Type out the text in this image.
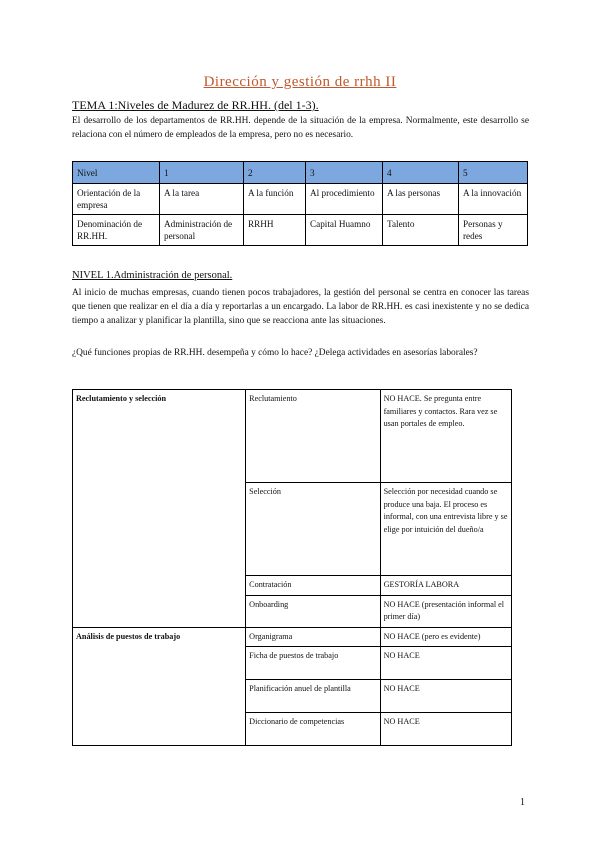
Dirección y gestión de rrhh II
TEMA 1:Niveles de Madurez de RR.HH. (del 1-3).
El desarrollo de los departamentos de RR.HH. depende de la situación de la empresa. Normalmente, este desarrollo se relaciona con el número de empleados de la empresa, pero no es necesario.
Nivel	1	2	3	4	5
Orientación de la empresa	A la tarea	A la función	Al procedimiento	A las personas	A la innovación
Denominación de RR.HH.	Administración de personal	RRHH	Capital Huamno	Talento	Personas y redes
NIVEL 1.Administración de personal.
Al inicio de muchas empresas, cuando tienen pocos trabajadores, la gestión del personal se centra en conocer las tareas que tienen que realizar en el día a día y reportarlas a un encargado. La labor de RR.HH. es casi inexistente y no se dedica tiempo a analizar y planificar la plantilla, sino que se reacciona ante las situaciones.
¿Qué funciones propias de RR.HH. desempeña y cómo lo hace? ¿Delega actividades en asesorías laborales?
Reclutamiento y selección	Reclutamiento	NO HACE. Se pregunta entre familiares y contactos. Rara vez se usan portales de empleo.
	Selección	Selección por necesidad cuando se produce una baja. El proceso es informal, con una entrevista libre y se elige por intuición del dueño/a
	Contratación	GESTORÍA LABORA
	Onboarding	NO HACE (presentación informal el primer día)
Análisis de puestos de trabajo	Organigrama	NO HACE (pero es evidente)
	Ficha de puestos de trabajo	NO HACE
	Planificación anuel de plantilla	NO HACE
	Diccionario de competencias	NO HACE
1
